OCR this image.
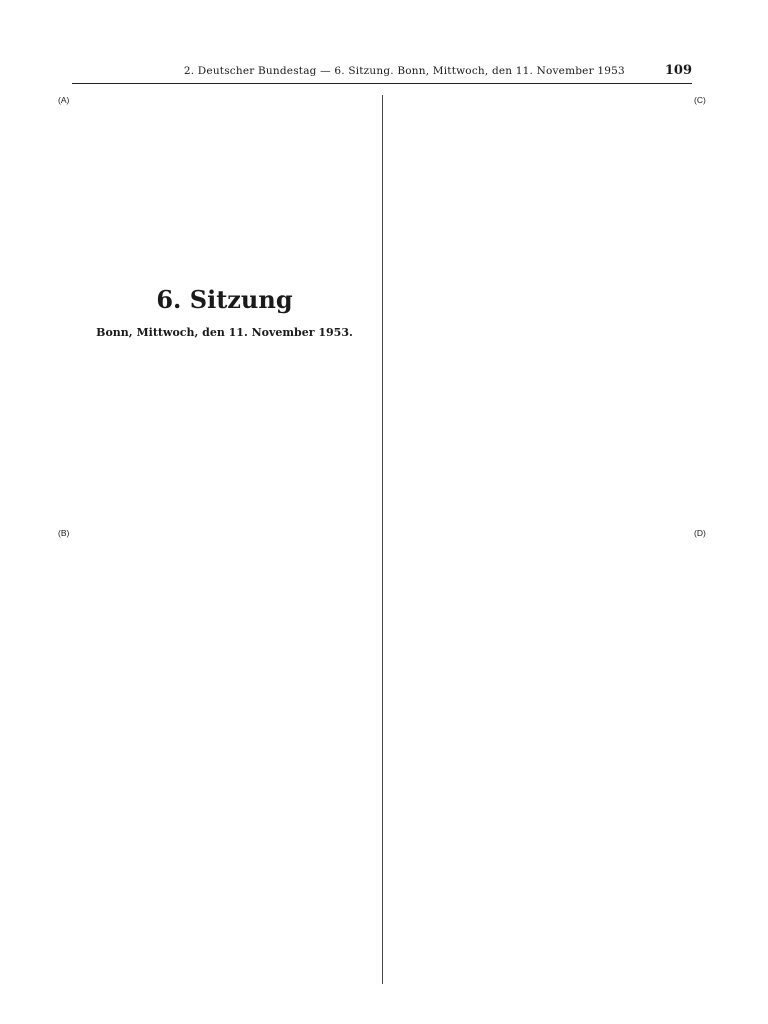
2. Deutscher Bundestag — 6. Sitzung. Bonn, Mittwoch, den 11. November 1953	109
(A)
(B)
(C)
(D)
6. Sitzung
Bonn, Mittwoch, den 11. November 1953.
